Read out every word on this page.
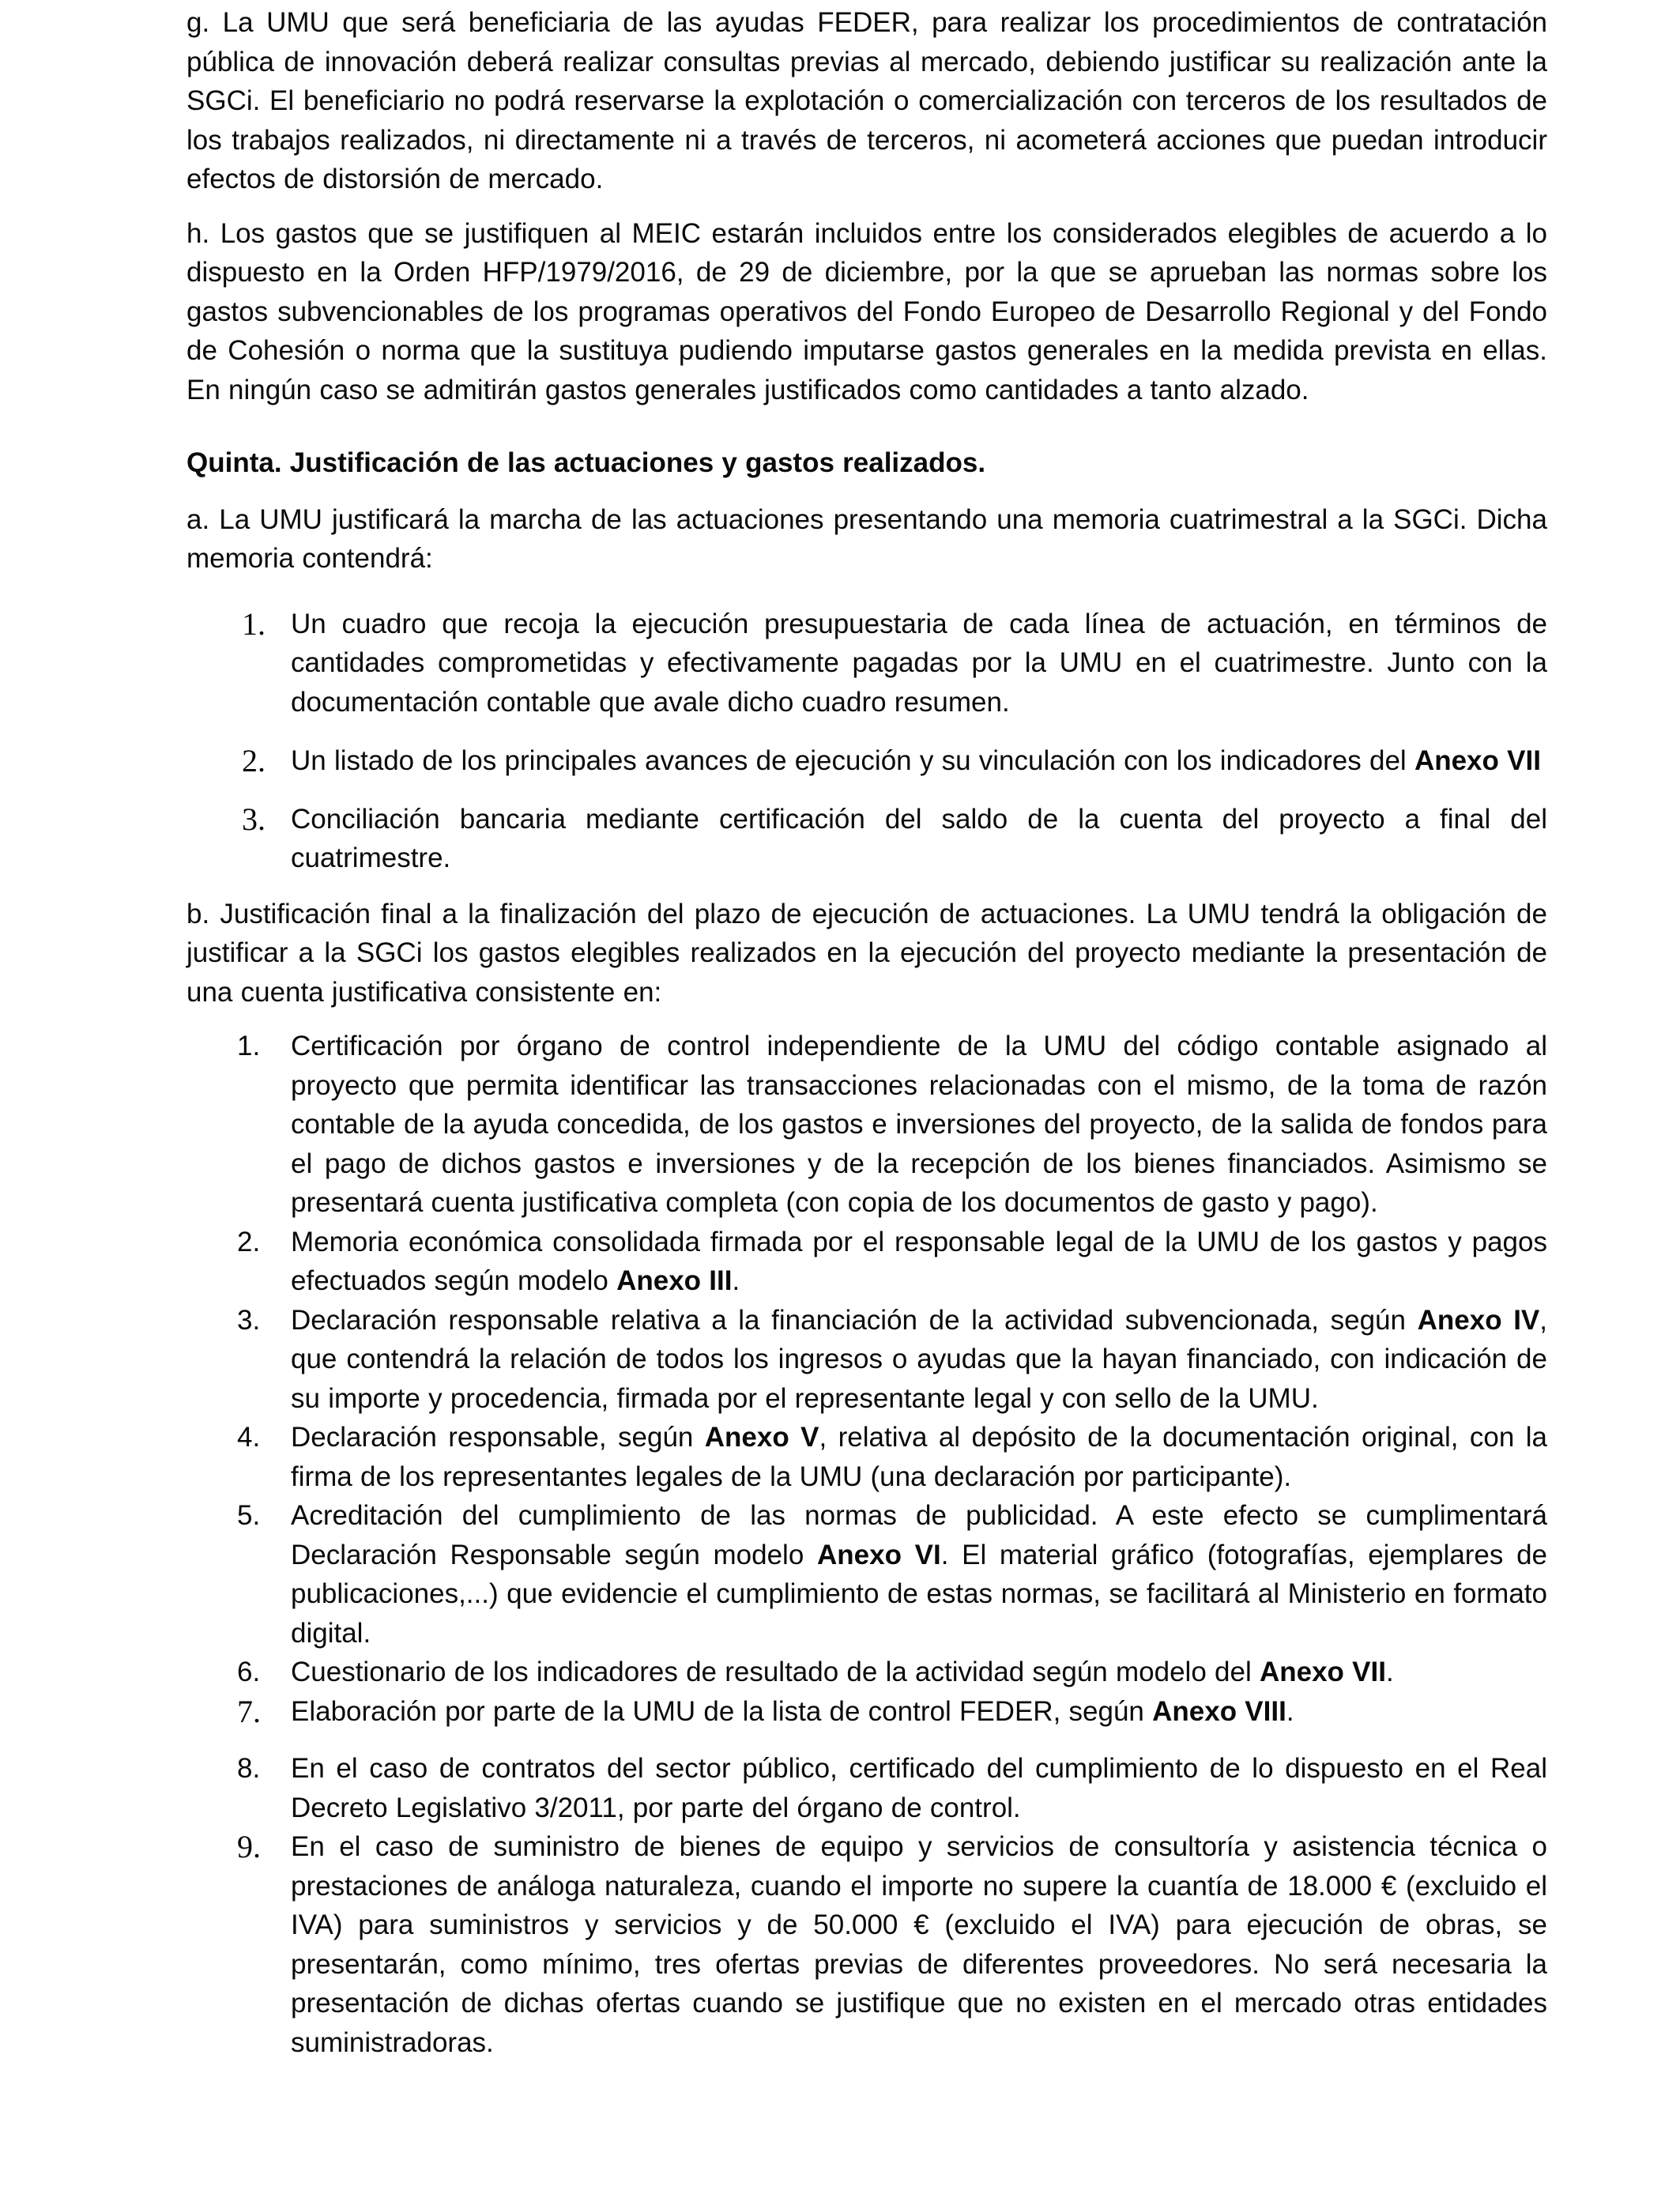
g. La UMU que será beneficiaria de las ayudas FEDER, para realizar los procedimientos de contratación pública de innovación deberá realizar consultas previas al mercado, debiendo justificar su realización ante la SGCi. El beneficiario no podrá reservarse la explotación o comercialización con terceros de los resultados de los trabajos realizados, ni directamente ni a través de terceros, ni acometerá acciones que puedan introducir efectos de distorsión de mercado.

h. Los gastos que se justifiquen al MEIC estarán incluidos entre los considerados elegibles de acuerdo a lo dispuesto en la Orden HFP/1979/2016, de 29 de diciembre, por la que se aprueban las normas sobre los gastos subvencionables de los programas operativos del Fondo Europeo de Desarrollo Regional y del Fondo de Cohesión o norma que la sustituya pudiendo imputarse gastos generales en la medida prevista en ellas. En ningún caso se admitirán gastos generales justificados como cantidades a tanto alzado.

Quinta. Justificación de las actuaciones y gastos realizados.

a. La UMU justificará la marcha de las actuaciones presentando una memoria cuatrimestral a la SGCi. Dicha memoria contendrá:

1. Un cuadro que recoja la ejecución presupuestaria de cada línea de actuación, en términos de cantidades comprometidas y efectivamente pagadas por la UMU en el cuatrimestre. Junto con la documentación contable que avale dicho cuadro resumen.
2. Un listado de los principales avances de ejecución y su vinculación con los indicadores del Anexo VII
3. Conciliación bancaria mediante certificación del saldo de la cuenta del proyecto a final del cuatrimestre.

b. Justificación final a la finalización del plazo de ejecución de actuaciones. La UMU tendrá la obligación de justificar a la SGCi los gastos elegibles realizados en la ejecución del proyecto mediante la presentación de una cuenta justificativa consistente en:

1.	Certificación por órgano de control independiente de la UMU del código contable asignado al proyecto que permita identificar las transacciones relacionadas con el mismo, de la toma de razón contable de la ayuda concedida, de los gastos e inversiones del proyecto, de la salida de fondos para el pago de dichos gastos e inversiones y de la recepción de los bienes financiados. Asimismo se presentará cuenta justificativa completa (con copia de los documentos de gasto y pago).
2.	Memoria económica consolidada firmada por el responsable legal de la UMU de los gastos y pagos efectuados según modelo Anexo III.
3.	Declaración responsable relativa a la financiación de la actividad subvencionada, según Anexo IV, que contendrá la relación de todos los ingresos o ayudas que la hayan financiado, con indicación de su importe y procedencia, firmada por el representante legal y con sello de la UMU.
4.	Declaración responsable, según Anexo V, relativa al depósito de la documentación original, con la firma de los representantes legales de la UMU (una declaración por participante).
5.	Acreditación del cumplimiento de las normas de publicidad. A este efecto se cumplimentará Declaración Responsable según modelo Anexo VI. El material gráfico (fotografías, ejemplares de publicaciones,...) que evidencie el cumplimiento de estas normas, se facilitará al Ministerio en formato digital.
6.	Cuestionario de los indicadores de resultado de la actividad según modelo del Anexo VII.
7.	Elaboración por parte de la UMU de la lista de control FEDER, según Anexo VIII.
8.	En el caso de contratos del sector público, certificado del cumplimiento de lo dispuesto en el Real Decreto Legislativo 3/2011, por parte del órgano de control.
9.	En el caso de suministro de bienes de equipo y servicios de consultoría y asistencia técnica o prestaciones de análoga naturaleza, cuando el importe no supere la cuantía de 18.000 € (excluido el IVA) para suministros y servicios y de 50.000 € (excluido el IVA) para ejecución de obras, se presentarán, como mínimo, tres ofertas previas de diferentes proveedores. No será necesaria la presentación de dichas ofertas cuando se justifique que no existen en el mercado otras entidades suministradoras.
